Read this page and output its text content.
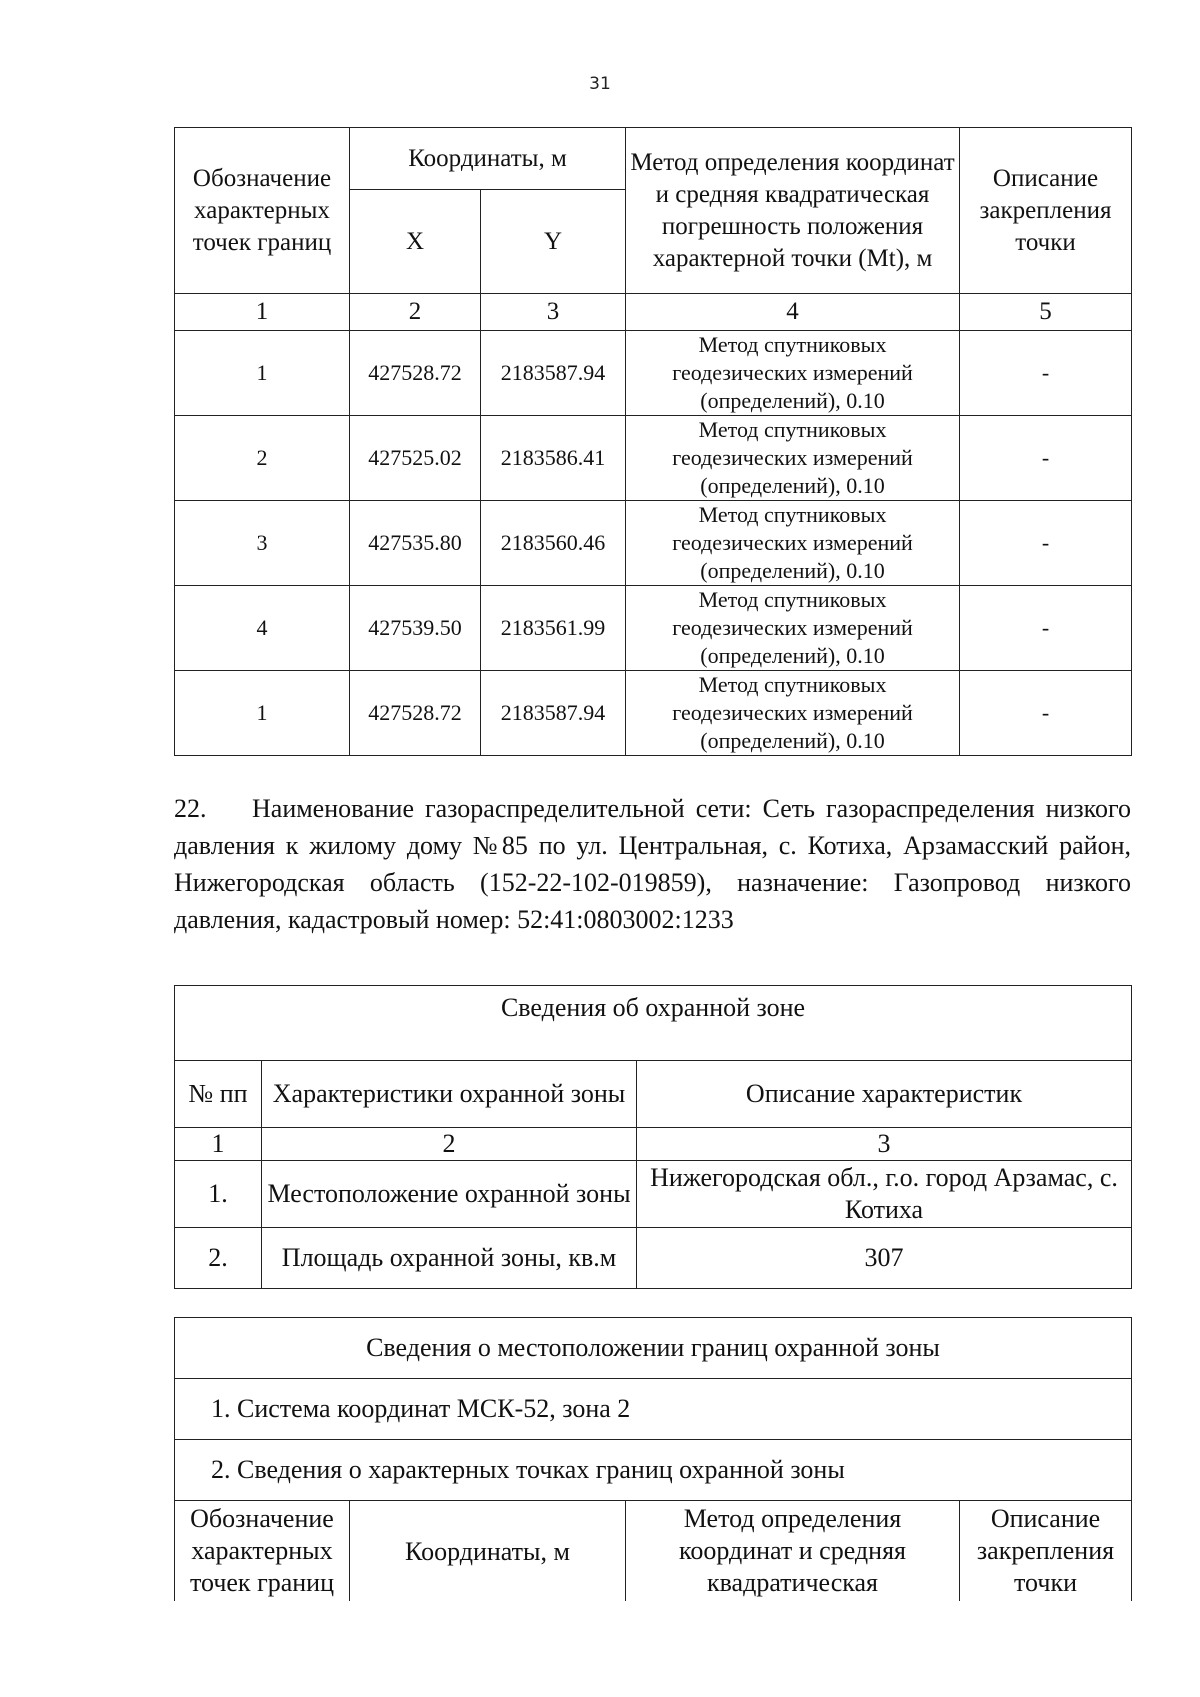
31
Обозначение характерных точек границ	Координаты, м		Метод определения координат и средняя квадратическая погрешность положения характерной точки (Mt), м	Описание закрепления точки
	X	Y		
1	2	3	4	5
1	427528.72	2183587.94	Метод спутниковых геодезических измерений (определений), 0.10	-
2	427525.02	2183586.41	Метод спутниковых геодезических измерений (определений), 0.10	-
3	427535.80	2183560.46	Метод спутниковых геодезических измерений (определений), 0.10	-
4	427539.50	2183561.99	Метод спутниковых геодезических измерений (определений), 0.10	-
1	427528.72	2183587.94	Метод спутниковых геодезических измерений (определений), 0.10	-

22. Наименование газораспределительной сети: Сеть газораспределения низкого давления к жилому дому №85 по ул. Центральная, с. Котиха, Арзамасский район, Нижегородская область (152-22-102-019859), назначение: Газопровод низкого давления, кадастровый номер: 52:41:0803002:1233

Сведения об охранной зоне		
№ пп	Характеристики охранной зоны	Описание характеристик
1	2	3
1.	Местоположение охранной зоны	Нижегородская обл., г.о. город Арзамас, с. Котиха
2.	Площадь охранной зоны, кв.м	307
Сведения о местоположении границ охранной зоны
1. Система координат МСК-52, зона 2
2. Сведения о характерных точках границ охранной зоны
Обозначение характерных точек границ	Координаты, м	Метод определения координат и средняя квадратическая	Описание закрепления точки
